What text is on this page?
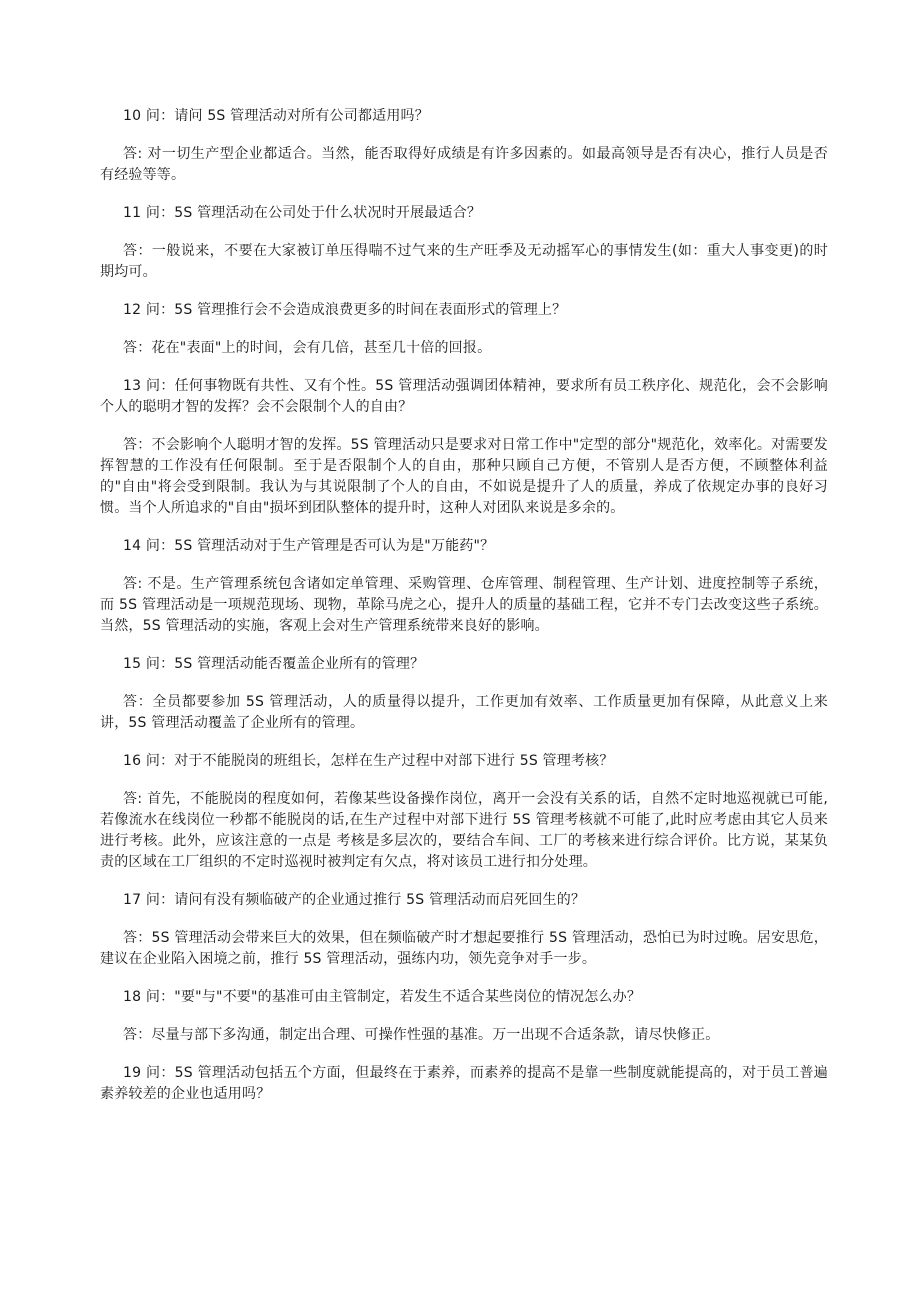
10 问：请问 5S 管理活动对所有公司都适用吗？

答: 对一切生产型企业都适合。当然，能否取得好成绩是有许多因素的。如最高领导是否有决心，推行人员是否有经验等等。

11 问：5S 管理活动在公司处于什么状况时开展最适合？

答：一般说来，不要在大家被订单压得喘不过气来的生产旺季及无动摇军心的事情发生(如：重大人事变更)的时期均可。

12 问：5S 管理推行会不会造成浪费更多的时间在表面形式的管理上？

答：花在"表面"上的时间，会有几倍，甚至几十倍的回报。

13 问：任何事物既有共性、又有个性。5S 管理活动强调团体精神，要求所有员工秩序化、规范化，会不会影响个人的聪明才智的发挥？会不会限制个人的自由？

答：不会影响个人聪明才智的发挥。5S 管理活动只是要求对日常工作中"定型的部分"规范化，效率化。对需要发挥智慧的工作没有任何限制。至于是否限制个人的自由，那种只顾自己方便，不管别人是否方便，不顾整体利益的"自由"将会受到限制。我认为与其说限制了个人的自由，不如说是提升了人的质量，养成了依规定办事的良好习惯。当个人所追求的"自由"损坏到团队整体的提升时，这种人对团队来说是多余的。

14 问：5S 管理活动对于生产管理是否可认为是"万能药"？

答: 不是。生产管理系统包含诸如定单管理、采购管理、仓库管理、制程管理、生产计划、进度控制等子系统，而 5S 管理活动是一项规范现场、现物，革除马虎之心，提升人的质量的基础工程，它并不专门去改变这些子系统。当然，5S 管理活动的实施，客观上会对生产管理系统带来良好的影响。

15 问：5S 管理活动能否覆盖企业所有的管理？

答：全员都要参加 5S 管理活动，人的质量得以提升，工作更加有效率、工作质量更加有保障，从此意义上来讲，5S 管理活动覆盖了企业所有的管理。

16 问：对于不能脱岗的班组长，怎样在生产过程中对部下进行 5S 管理考核？

答: 首先，不能脱岗的程度如何，若像某些设备操作岗位，离开一会没有关系的话，自然不定时地巡视就已可能,若像流水在线岗位一秒都不能脱岗的话,在生产过程中对部下进行 5S 管理考核就不可能了,此时应考虑由其它人员来进行考核。此外，应该注意的一点是 考核是多层次的，要结合车间、工厂的考核来进行综合评价。比方说，某某负责的区域在工厂组织的不定时巡视时被判定有欠点，将对该员工进行扣分处理。

17 问：请问有没有频临破产的企业通过推行 5S 管理活动而启死回生的？

答：5S 管理活动会带来巨大的效果，但在频临破产时才想起要推行 5S 管理活动，恐怕已为时过晚。居安思危，建议在企业陷入困境之前，推行 5S 管理活动，强练内功，领先竞争对手一步。

18 问："要"与"不要"的基准可由主管制定，若发生不适合某些岗位的情况怎么办？

答：尽量与部下多沟通，制定出合理、可操作性强的基准。万一出现不合适条款，请尽快修正。

19 问：5S 管理活动包括五个方面，但最终在于素养，而素养的提高不是靠一些制度就能提高的，对于员工普遍素养较差的企业也适用吗？
